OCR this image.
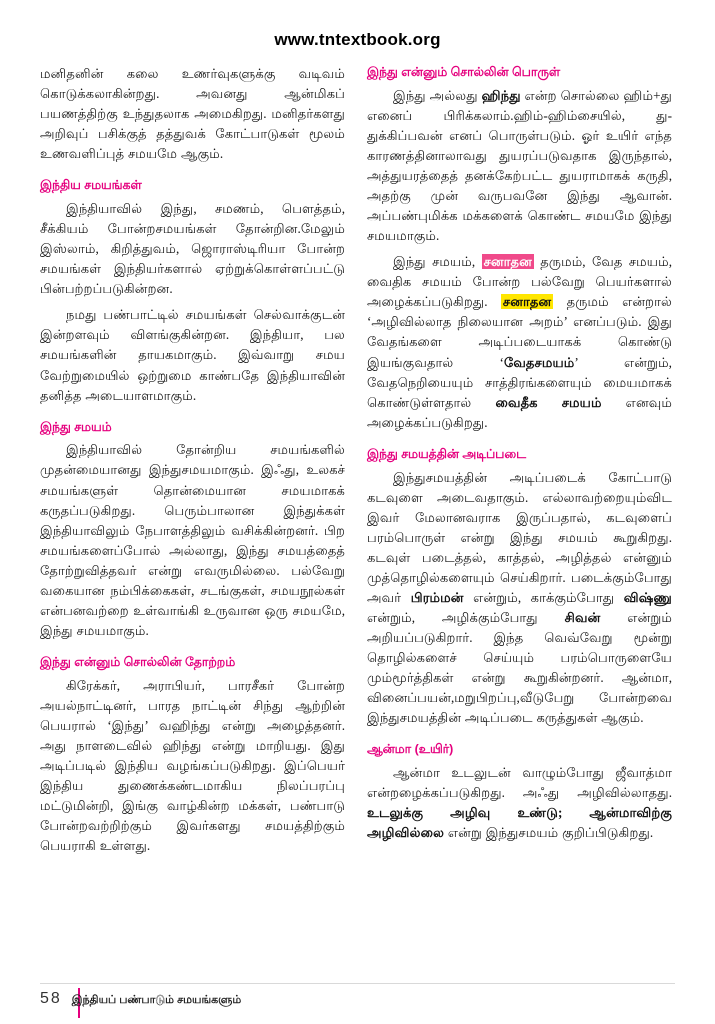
www.tntextbook.org

மனிதனின் கலை உணர்வுகளுக்கு வடிவம் கொடுக்கலாகின்றது. அவனது ஆன்மிகப் பயணத்திற்கு உந்துதலாக அமைகிறது. மனிதர்களது அறிவுப் பசிக்குத் தத்துவக் கோட்பாடுகள் மூலம் உணவளிப்புத் சமயமே ஆகும்.

இந்திய சமயங்கள்

இந்தியாவில் இந்து, சமணம், பௌத்தம், சீக்கியம் போன்றசமயங்கள் தோன்றின.மேலும் இஸ்லாம், கிறித்துவம், ஜொராஸ்டிரியா போன்ற சமயங்கள் இந்தியர்களால் ஏற்றுக்கொள்ளப்பட்டு பின்பற்றப்படுகின்றன.

நமது பண்பாட்டில் சமயங்கள் செல்வாக்குடன் இன்றளவும் விளங்குகின்றன. இந்தியா, பல சமயங்களின் தாயகமாகும். இவ்வாறு சமய வேற்றுமையில் ஒற்றுமை காண்பதே இந்தியாவின் தனித்த அடையாளமாகும்.

இந்து சமயம்

இந்தியாவில் தோன்றிய சமயங்களில் முதன்மையானது இந்துசமயமாகும். இஃது, உலகச் சமயங்களுள் தொன்மையான சமயமாகக் கருதப்படுகிறது. பெரும்பாலான இந்துக்கள் இந்தியாவிலும் நேபாளத்திலும் வசிக்கின்றனர். பிற சமயங்களைப்போல் அல்லாது, இந்து சமயத்தைத் தோற்றுவித்தவர் என்று எவருமில்லை. பல்வேறு வகையான நம்பிக்கைகள், சடங்குகள், சமயநூல்கள் என்பனவற்றை உள்வாங்கி உருவான ஒரு சமயமே, இந்து சமயமாகும்.

இந்து என்னும் சொல்லின் தோற்றம்

கிரேக்கர், அராபியர், பாரசீகர் போன்ற அயல்நாட்டினர், பாரத நாட்டின் சிந்து ஆற்றின் பெயரால் ‘இந்து’ வஹிந்து என்று அழைத்தனர். அது நாளடைவில் ஹிந்து என்று மாறியது. இது அடிப்படில் இந்திய வழங்கப்படுகிறது. இப்பெயர் இந்திய துணைக்கண்டமாகிய நிலப்பரப்பு மட்டுமின்றி, இங்கு வாழ்கின்ற மக்கள், பண்பாடு போன்றவற்றிற்கும் இவர்களது சமயத்திற்கும் பெயராகி உள்ளது.

இந்து என்னும் சொல்லின் பொருள்

இந்து அல்லது ஹிந்து என்ற சொல்லை ஹிம்+து எனைப் பிரிக்கலாம்.ஹிம்-ஹிம்சையில், து-துக்கிப்பவன் எனப் பொருள்படும். ஓர் உயிர் எந்த காரணத்தினாலாவது துயரப்படுவதாக இருந்தால், அத்துயரத்தைத் தனக்கேற்பட்ட துயராமாகக் கருதி, அதற்கு முன் வருபவனே இந்து ஆவான். அப்பண்புமிக்க மக்களைக் கொண்ட சமயமே இந்து சமயமாகும்.

இந்து சமயம், சனாதன தருமம், வேத சமயம், வைதிக சமயம் போன்ற பல்வேறு பெயர்களால் அழைக்கப்படுகிறது. சனாதன தருமம் என்றால் ‘அழிவில்லாத நிலையான அறம்’ எனப்படும். இது வேதங்களை அடிப்படையாகக் கொண்டு இயங்குவதால் ‘வேதசமயம்’ என்றும், வேதநெறியையும் சாத்திரங்களையும் மையமாகக் கொண்டுள்ளதால் வைதீக சமயம் எனவும் அழைக்கப்படுகிறது.

இந்து சமயத்தின் அடிப்படை

இந்துசமயத்தின் அடிப்படைக் கோட்பாடு கடவுளை அடைவதாகும். எல்லாவற்றையும்விட இவர் மேலானவராக இருப்பதால், கடவுளைப் பரம்பொருள் என்று இந்து சமயம் கூறுகிறது. கடவுள் படைத்தல், காத்தல், அழித்தல் என்னும் முத்தொழில்களையும் செய்கிறார். படைக்கும்போது அவர் பிரம்மன் என்றும், காக்கும்போது விஷ்ணு என்றும், அழிக்கும்போது சிவன் என்றும் அறியப்படுகிறார். இந்த வெவ்வேறு மூன்று தொழில்களைச் செய்யும் பரம்பொருளையே மும்மூர்த்திகள் என்று கூறுகின்றனர். ஆன்மா, வினைப்பயன்,மறுபிறப்பு,வீடுபேறு போன்றவை இந்துசமயத்தின் அடிப்படை கருத்துகள் ஆகும்.

ஆன்மா (உயிர்)

ஆன்மா உடலுடன் வாழும்போது ஜீவாத்மா என்றழைக்கப்படுகிறது. அஃது அழிவில்லாதது. உடலுக்கு அழிவு உண்டு; ஆன்மாவிற்கு அழிவில்லை என்று இந்துசமயம் குறிப்பிடுகிறது.

58 இந்தியப் பண்பாடும் சமயங்களும்
